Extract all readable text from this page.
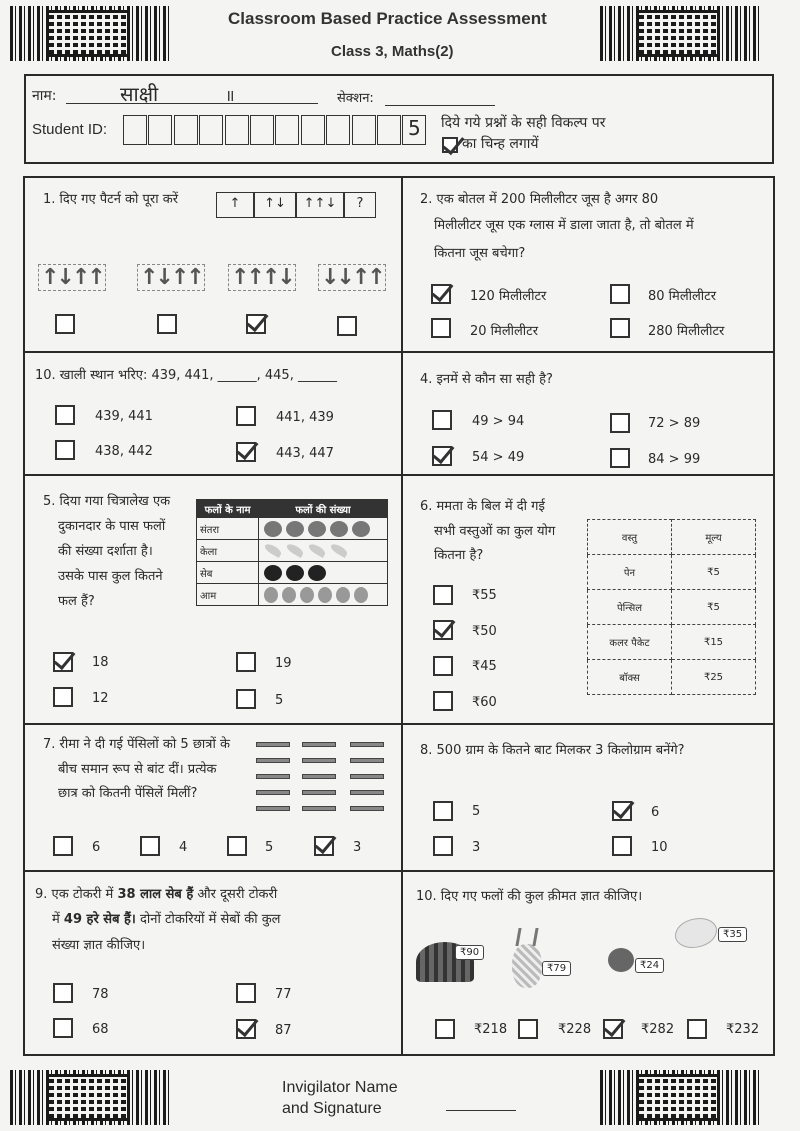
Classroom Based Practice Assessment
Class 3, Maths(2)
नाम:	साक्षी	॥	सेक्शन:
Student ID:	5 दिये गये प्रश्नों के सही विकल्प पर
का चिन्ह लगायें
1. दिए गए पैटर्न को पूरा करें	↑	↑↓	↑↑↓	?
↑↓↑↑ ↑↓↑↑ ↑↑↑↓ ↓↓↑↑
2. एक बोतल में 200 मिलीलीटर जूस है अगर 80
मिलीलीटर जूस एक ग्लास में डाला जाता है, तो बोतल में
कितना जूस बचेगा?
120 मिलीलीटर	80 मिलीलीटर
20 मिलीलीटर	280 मिलीलीटर
10. खाली स्थान भरिए: 439, 441, ______, 445, ______
439, 441	441, 439
438, 442	443, 447
4. इनमें से कौन सा सही है?
49 > 94	72 > 89
54 > 49	84 > 99
5. दिया गया चित्रालेख एक
दुकानदार के पास फलों
की संख्या दर्शाता है।
उसके पास कुल कितने
फल हैं?
फलों के नाम	फलों की संख्या
संतरा	
केला	
सेब	
आम	
18	19
12	5
6. ममता के बिल में दी गई
सभी वस्तुओं का कुल योग
कितना है?
वस्तु	मूल्य
पेन	₹5
पेन्सिल	₹5
कलर पैकेट	₹15
बॉक्स	₹25
₹55
₹50
₹45
₹60
7. रीमा ने दी गई पेंसिलों को 5 छात्रों के
बीच समान रूप से बांट दीं। प्रत्येक
छात्र को कितनी पेंसिलें मिलीं?
6	4	5	3
8. 500 ग्राम के कितने बाट मिलकर 3 किलोग्राम बनेंगे?
5	6
3	10
9. एक टोकरी में 38 लाल सेब हैं और दूसरी टोकरी
में 49 हरे सेब हैं। दोनों टोकरियों में सेबों की कुल
संख्या ज्ञात कीजिए।
78	77
68	87
10. दिए गए फलों की कुल क़ीमत ज्ञात कीजिए।
₹90
₹79	₹24
₹35
₹218	₹228	₹282	₹232
Invigilator Name
and Signature
